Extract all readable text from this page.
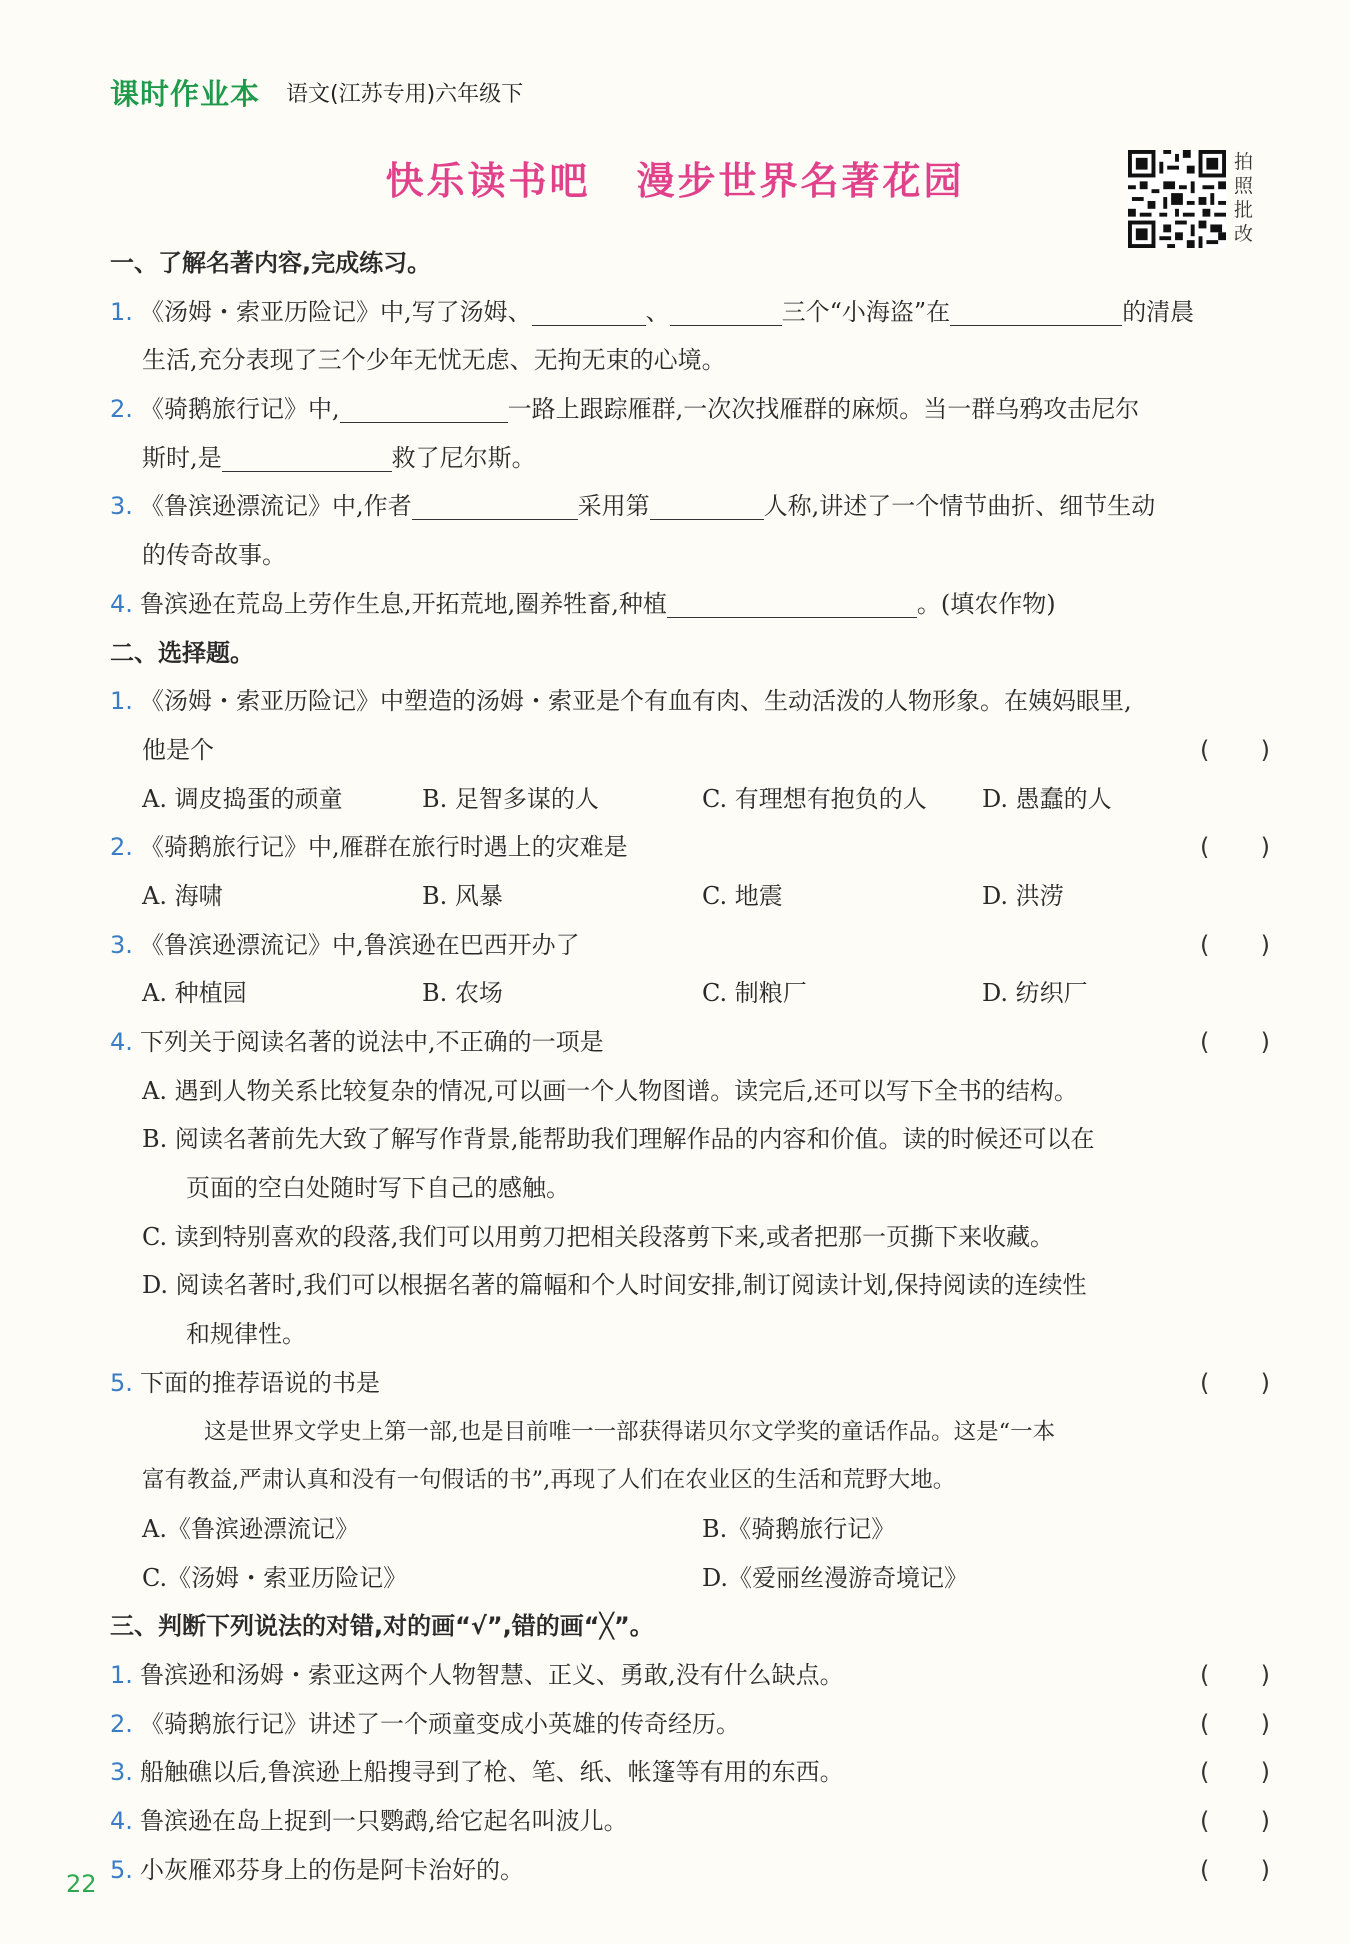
课时作业本 语文(江苏专用)六年级下
快乐读书吧 漫步世界名著花园	拍
照
批
改
一、了解名著内容,完成练习。
1. 《汤姆・索亚历险记》中,写了汤姆、	、	三个“小海盗”在	的清晨
生活,充分表现了三个少年无忧无虑、无拘无束的心境。
2. 《骑鹅旅行记》中,	一路上跟踪雁群,一次次找雁群的麻烦。当一群乌鸦攻击尼尔
斯时,是	救了尼尔斯。
3. 《鲁滨逊漂流记》中,作者	采用第	人称,讲述了一个情节曲折、细节生动
的传奇故事。
4. 鲁滨逊在荒岛上劳作生息,开拓荒地,圈养牲畜,种植	。(填农作物)
二、选择题。
1. 《汤姆・索亚历险记》中塑造的汤姆・索亚是个有血有肉、生动活泼的人物形象。在姨妈眼里,
他是个	( )
A. 调皮捣蛋的顽童	B. 足智多谋的人	C. 有理想有抱负的人 D. 愚蠢的人
2. 《骑鹅旅行记》中,雁群在旅行时遇上的灾难是	( )
A. 海啸	B. 风暴	C. 地震	D. 洪涝
3. 《鲁滨逊漂流记》中,鲁滨逊在巴西开办了	( )
A. 种植园	B. 农场	C. 制粮厂	D. 纺织厂
4. 下列关于阅读名著的说法中,不正确的一项是	( )
A. 遇到人物关系比较复杂的情况,可以画一个人物图谱。读完后,还可以写下全书的结构。
B. 阅读名著前先大致了解写作背景,能帮助我们理解作品的内容和价值。读的时候还可以在
页面的空白处随时写下自己的感触。
C. 读到特别喜欢的段落,我们可以用剪刀把相关段落剪下来,或者把那一页撕下来收藏。
D. 阅读名著时,我们可以根据名著的篇幅和个人时间安排,制订阅读计划,保持阅读的连续性
和规律性。
5. 下面的推荐语说的书是	( )
这是世界文学史上第一部,也是目前唯一一部获得诺贝尔文学奖的童话作品。这是“一本
富有教益,严肃认真和没有一句假话的书”,再现了人们在农业区的生活和荒野大地。
A.《鲁滨逊漂流记》	B.《骑鹅旅行记》
C.《汤姆・索亚历险记》	D.《爱丽丝漫游奇境记》
三、判断下列说法的对错,对的画“√”,错的画“╳”。
1. 鲁滨逊和汤姆・索亚这两个人物智慧、正义、勇敢,没有什么缺点。	( )
2. 《骑鹅旅行记》讲述了一个顽童变成小英雄的传奇经历。	( )
3. 船触礁以后,鲁滨逊上船搜寻到了枪、笔、纸、帐篷等有用的东西。	( )
4. 鲁滨逊在岛上捉到一只鹦鹉,给它起名叫波儿。	( )
5. 小灰雁邓芬身上的伤是阿卡治好的。	( )
22
